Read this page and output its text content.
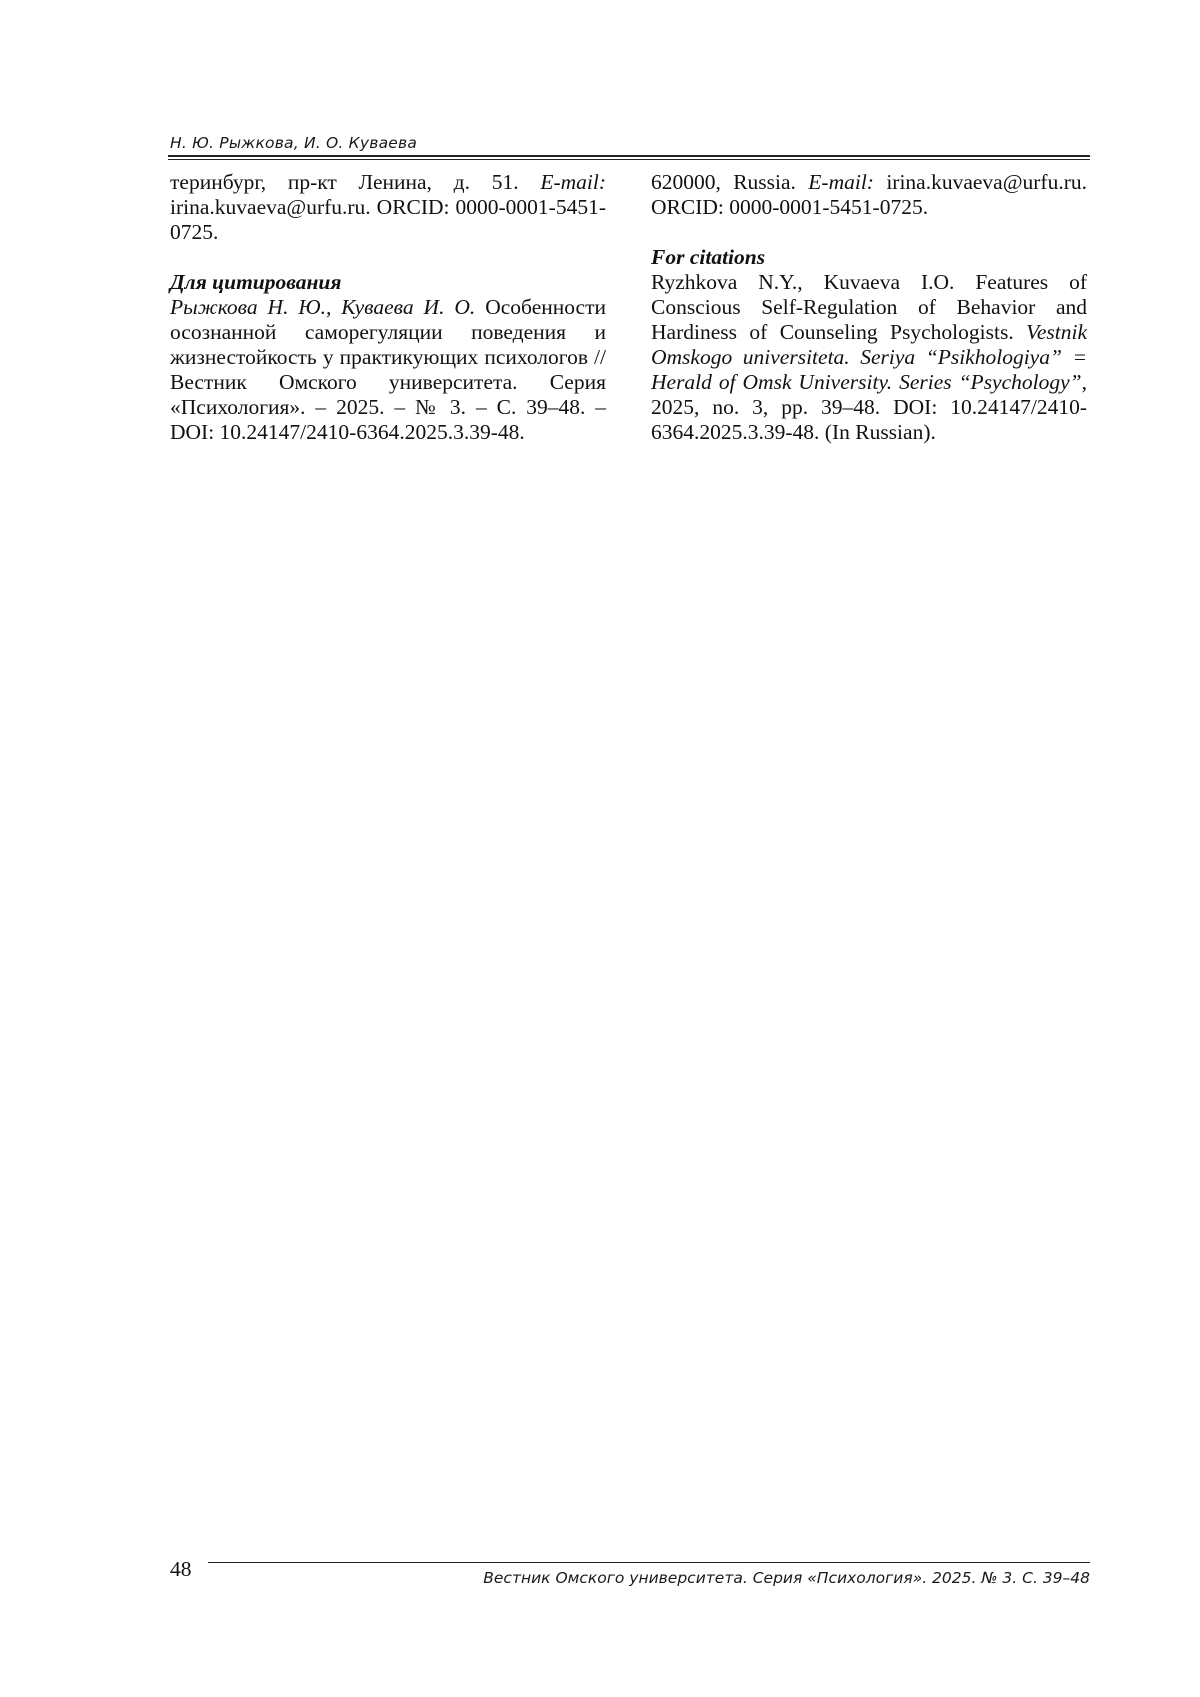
Н. Ю. Рыжкова, И. О. Куваева

теринбург, пр-кт Ленина, д. 51. E-mail: irina.kuvaeva@urfu.ru. ORCID: 0000-0001-5451-0725.

Для цитирования

Рыжкова Н. Ю., Куваева И. О. Особенности осознанной саморегуляции поведения и жизнестойкость у практикующих психологов // Вестник Омского университета. Серия «Психология». – 2025. – № 3. – С. 39–48. – DOI: 10.24147/2410-6364.2025.3.39-48.

620000, Russia. E-mail: irina.kuvaeva@urfu.ru. ORCID: 0000-0001-5451-0725.

For citations

Ryzhkova N.Y., Kuvaeva I.O. Features of Conscious Self-Regulation of Behavior and Hardiness of Counseling Psychologists. Vestnik Omskogo universiteta. Seriya “Psikhologiya” = Herald of Omsk University. Series “Psychology”, 2025, no. 3, pp. 39–48. DOI: 10.24147/2410-6364.2025.3.39-48. (In Russian).

48	Вестник Омского университета. Серия «Психология». 2025. № 3. С. 39–48
